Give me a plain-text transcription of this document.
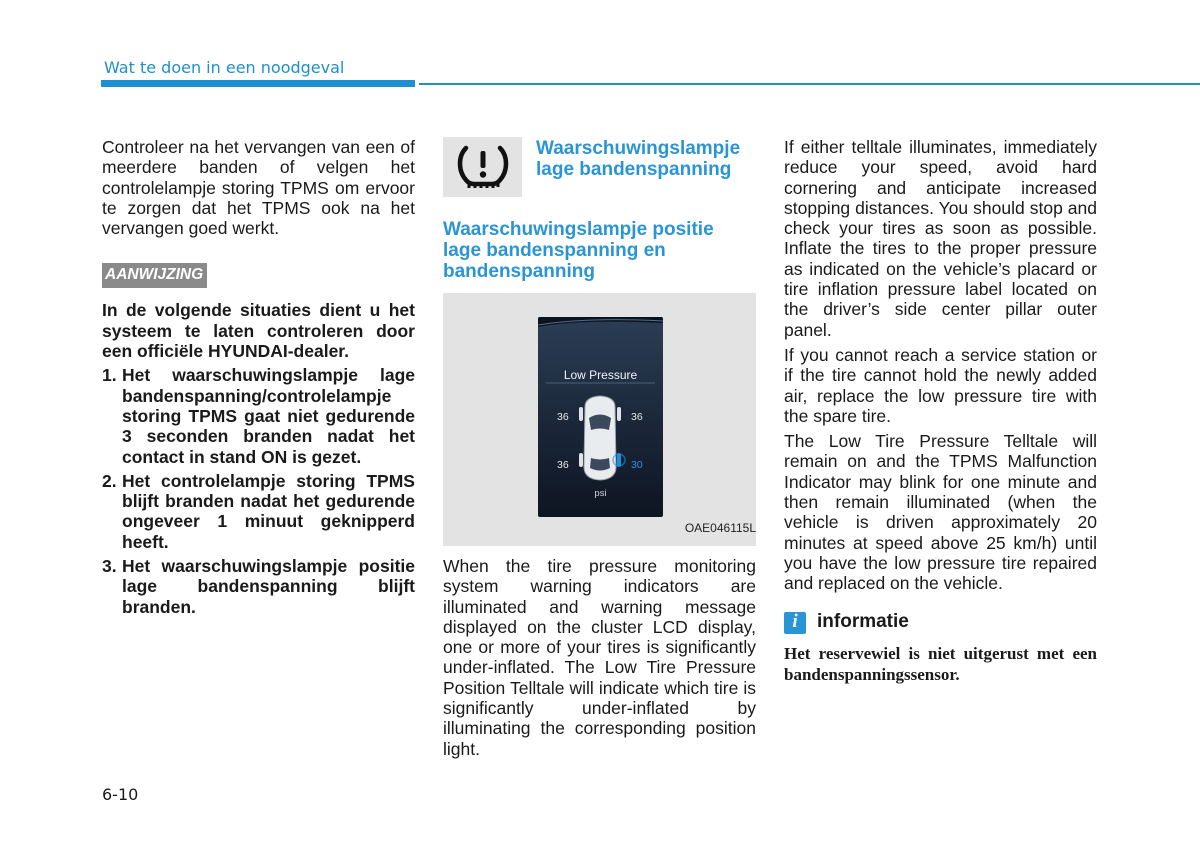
Wat te doen in een noodgeval

Controleer na het vervangen van een of meerdere banden of velgen het controlelampje storing TPMS om ervoor te zorgen dat het TPMS ook na het vervangen goed werkt.

AANWIJZING

In de volgende situaties dient u het systeem te laten controleren door een officiële HYUNDAI-dealer.

1. Het waarschuwingslampje lage bandenspanning/controlelampje storing TPMS gaat niet gedurende 3 seconden branden nadat het contact in stand ON is gezet.
2. Het controlelampje storing TPMS blijft branden nadat het gedurende ongeveer 1 minuut geknipperd heeft.
3. Het waarschuwingslampje positie lage bandenspanning blijft branden.
Waarschuwingslampje lage bandenspanning
Waarschuwingslampje positie lage bandenspanning en bandenspanning
Low Pressure
36	36
36	30
psi
OAE046115L

When the tire pressure monitoring system warning indicators are illuminated and warning message displayed on the cluster LCD display, one or more of your tires is significantly under-inflated. The Low Tire Pressure Position Telltale will indicate which tire is significantly under-inflated by illuminating the corresponding position light.

If either telltale illuminates, immediately reduce your speed, avoid hard cornering and anticipate increased stopping distances. You should stop and check your tires as soon as possible. Inflate the tires to the proper pressure as indicated on the vehicle’s placard or tire inflation pressure label located on the driver’s side center pillar outer panel.

If you cannot reach a service station or if the tire cannot hold the newly added air, replace the low pressure tire with the spare tire.

The Low Tire Pressure Telltale will remain on and the TPMS Malfunction Indicator may blink for one minute and then remain illuminated (when the vehicle is driven approximately 20 minutes at speed above 25 km/h) until you have the low pressure tire repaired and replaced on the vehicle.

i	informatie

Het reservewiel is niet uitgerust met een bandenspanningssensor.

6-10
